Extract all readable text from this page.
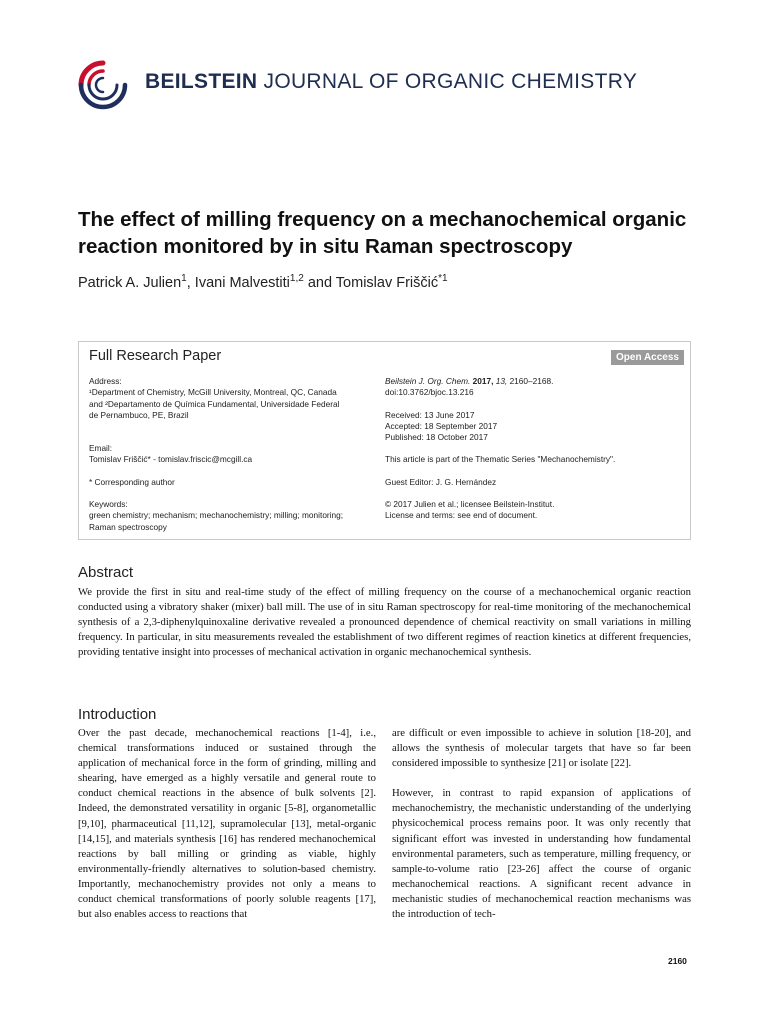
BEILSTEIN JOURNAL OF ORGANIC CHEMISTRY
The effect of milling frequency on a mechanochemical organic reaction monitored by in situ Raman spectroscopy
Patrick A. Julien$^1$, Ivani Malvestiti$^{1,2}$ and Tomislav Friščić$^{*1}$
Full Research Paper	Open Access
Address:
¹Department of Chemistry, McGill University, Montreal, QC, Canada
and ²Departamento de Química Fundamental, Universidade Federal
de Pernambuco, PE, Brazil
Email:
Tomislav Friščić* - tomislav.friscic@mcgill.ca
* Corresponding author
Keywords:
green chemistry; mechanism; mechanochemistry; milling; monitoring;
Raman spectroscopy
Beilstein J. Org. Chem. 2017, 13, 2160–2168.
doi:10.3762/bjoc.13.216
Received: 13 June 2017
Accepted: 18 September 2017
Published: 18 October 2017
This article is part of the Thematic Series "Mechanochemistry".
Guest Editor: J. G. Hernández
© 2017 Julien et al.; licensee Beilstein-Institut.
License and terms: see end of document.
Abstract
We provide the first in situ and real-time study of the effect of milling frequency on the course of a mechanochemical organic reaction conducted using a vibratory shaker (mixer) ball mill. The use of in situ Raman spectroscopy for real-time monitoring of the mechanochemical synthesis of a 2,3-diphenylquinoxaline derivative revealed a pronounced dependence of chemical reactivity on small variations in milling frequency. In particular, in situ measurements revealed the establishment of two different regimes of reaction kinetics at different frequencies, providing tentative insight into processes of mechanical activation in organic mechanochemical synthesis.
Introduction
Over the past decade, mechanochemical reactions [1-4], i.e., chemical transformations induced or sustained through the application of mechanical force in the form of grinding, milling and shearing, have emerged as a highly versatile and general route to conduct chemical reactions in the absence of bulk solvents [2]. Indeed, the demonstrated versatility in organic [5-8], organometallic [9,10], pharmaceutical [11,12], supramolecular [13], metal-organic [14,15], and materials synthesis [16] has rendered mechanochemical reactions by ball milling or grinding as viable, highly environmentally-friendly alternatives to solution-based chemistry. Importantly, mechanochemistry provides not only a means to conduct chemical transformations of poorly soluble reagents [17], but also enables access to reactions that
are difficult or even impossible to achieve in solution [18-20], and allows the synthesis of molecular targets that have so far been considered impossible to synthesize [21] or isolate [22].
However, in contrast to rapid expansion of applications of mechanochemistry, the mechanistic understanding of the underlying physicochemical process remains poor. It was only recently that significant effort was invested in understanding how fundamental environmental parameters, such as temperature, milling frequency, or sample-to-volume ratio [23-26] affect the course of organic mechanochemical reactions. A significant recent advance in mechanistic studies of mechanochemical reaction mechanisms was the introduction of tech-
2160
